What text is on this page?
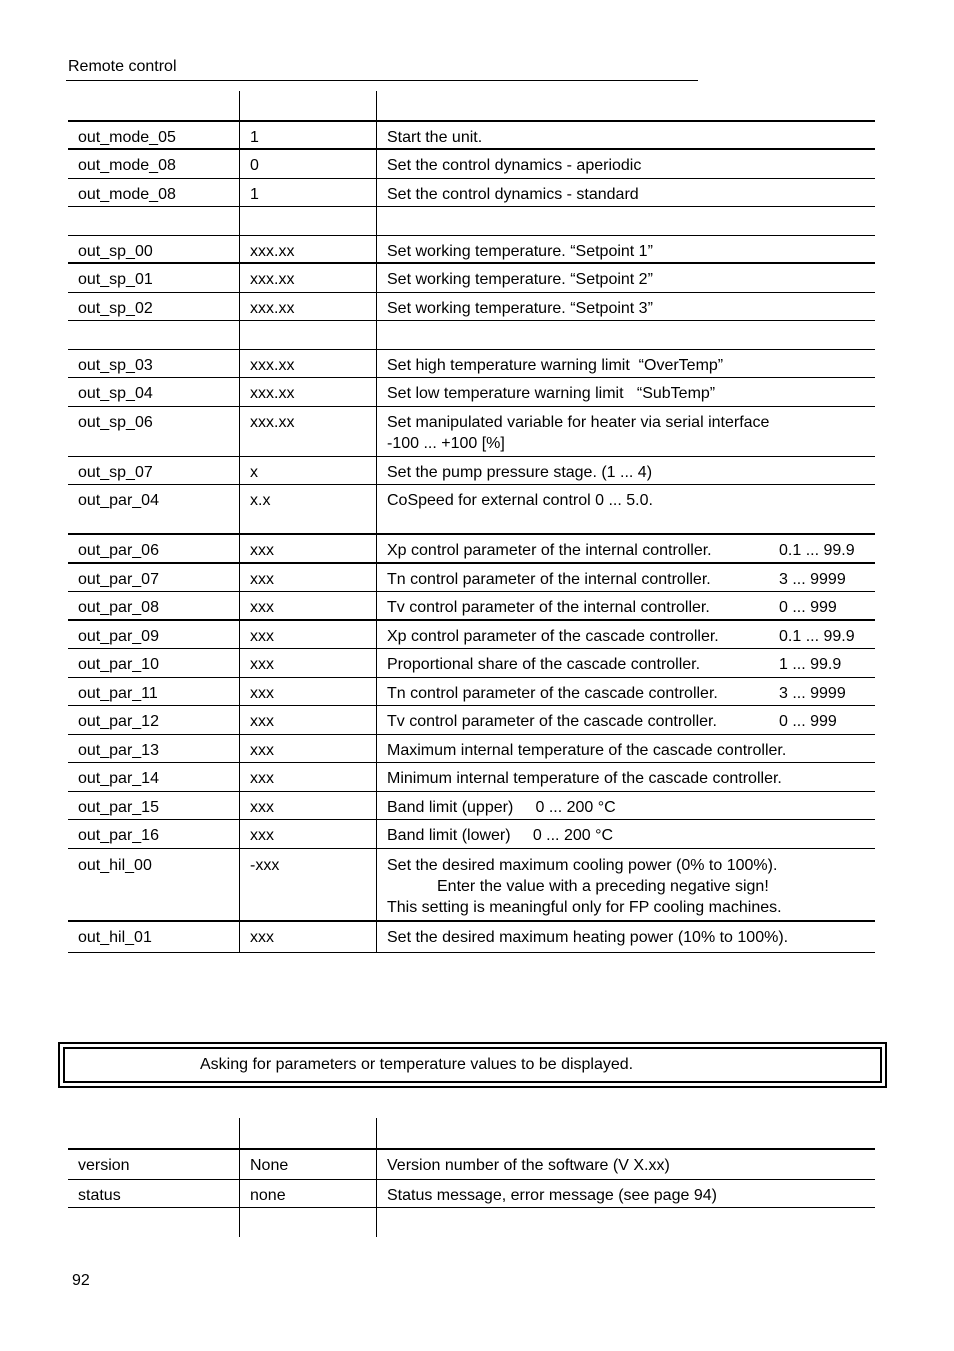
Remote control
out_mode_05	1	Start the unit.
out_mode_08	0	Set the control dynamics - aperiodic
out_mode_08	1	Set the control dynamics - standard
out_sp_00	xxx.xx	Set working temperature. “Setpoint 1”
out_sp_01	xxx.xx	Set working temperature. “Setpoint 2”
out_sp_02	xxx.xx	Set working temperature. “Setpoint 3”
out_sp_03	xxx.xx	Set high temperature warning limit  “OverTemp”
out_sp_04	xxx.xx	Set low temperature warning limit   “SubTemp”
out_sp_06	xxx.xx	Set manipulated variable for heater via serial interface
-100 ... +100 [%]
out_sp_07	x	Set the pump pressure stage. (1 ... 4)
out_par_04	x.x	CoSpeed for external control 0 ... 5.0.
out_par_06	xxx	Xp control parameter of the internal controller.	0.1 ... 99.9
out_par_07	xxx	Tn control parameter of the internal controller.	3 ... 9999
out_par_08	xxx	Tv control parameter of the internal controller.	0 ... 999
out_par_09	xxx	Xp control parameter of the cascade controller.	0.1 ... 99.9
out_par_10	xxx	Proportional share of the cascade controller.	1 ... 99.9
out_par_11	xxx	Tn control parameter of the cascade controller.	3 ... 9999
out_par_12	xxx	Tv control parameter of the cascade controller.	0 ... 999
out_par_13	xxx	Maximum internal temperature of the cascade controller.
out_par_14	xxx	Minimum internal temperature of the cascade controller.
out_par_15	xxx	Band limit (upper)     0 ... 200 °C
out_par_16	xxx	Band limit (lower)     0 ... 200 °C
out_hil_00	-xxx	Set the desired maximum cooling power (0% to 100%).
Enter the value with a preceding negative sign!
This setting is meaningful only for FP cooling machines.
out_hil_01	xxx	Set the desired maximum heating power (10% to 100%).
Asking for parameters or temperature values to be displayed.
version	None	Version number of the software (V X.xx)
status	none	Status message, error message (see page 94)
92
